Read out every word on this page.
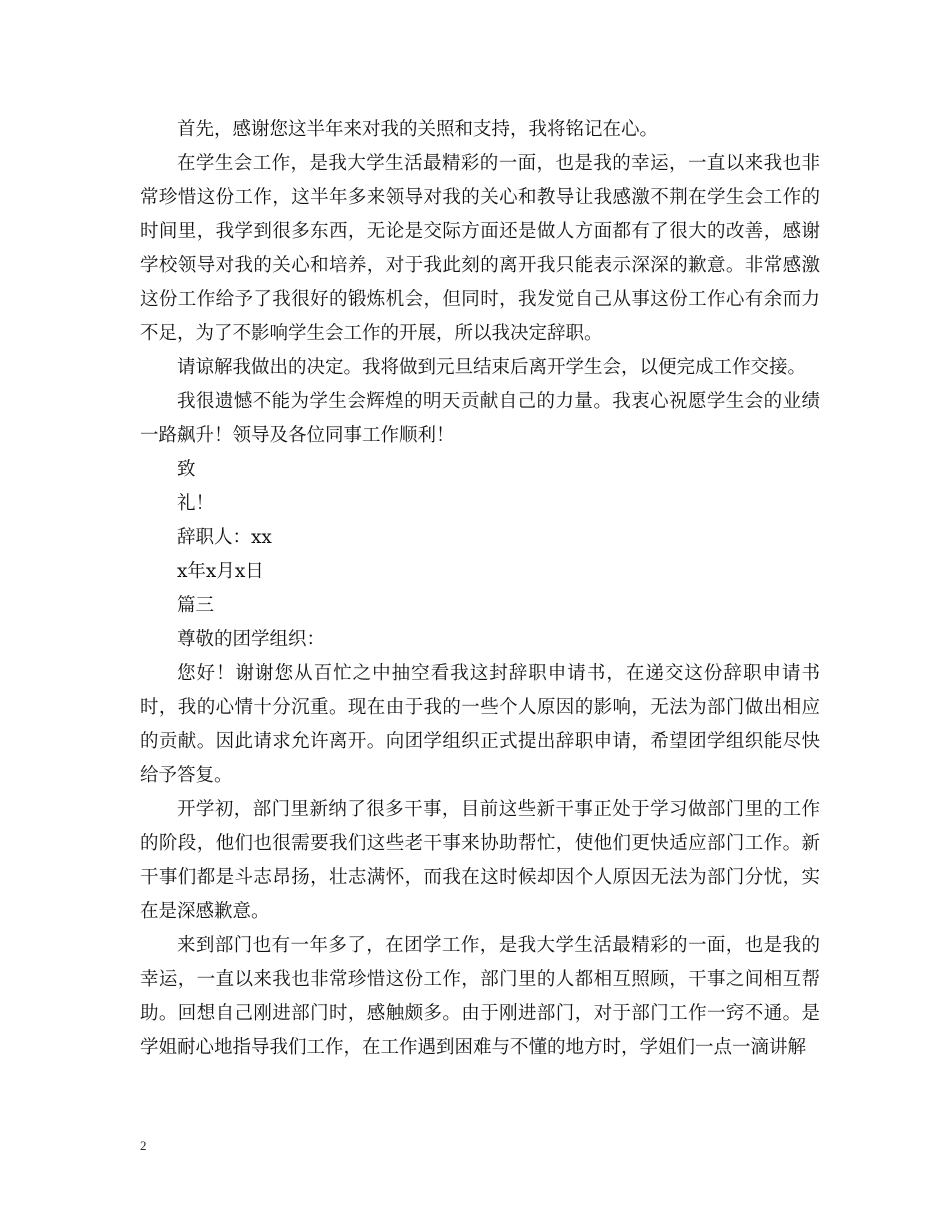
首先，感谢您这半年来对我的关照和支持，我将铭记在心。

在学生会工作，是我大学生活最精彩的一面，也是我的幸运，一直以来我也非常珍惜这份工作，这半年多来领导对我的关心和教导让我感激不荆在学生会工作的时间里，我学到很多东西，无论是交际方面还是做人方面都有了很大的改善，感谢学校领导对我的关心和培养，对于我此刻的离开我只能表示深深的歉意。非常感激这份工作给予了我很好的锻炼机会，但同时，我发觉自己从事这份工作心有余而力不足，为了不影响学生会工作的开展，所以我决定辞职。

请谅解我做出的决定。我将做到元旦结束后离开学生会，以便完成工作交接。

我很遗憾不能为学生会辉煌的明天贡献自己的力量。我衷心祝愿学生会的业绩一路飙升！领导及各位同事工作顺利！

致

礼！

辞职人：xx

x年x月x日

篇三

尊敬的团学组织：

您好！谢谢您从百忙之中抽空看我这封辞职申请书，在递交这份辞职申请书时，我的心情十分沉重。现在由于我的一些个人原因的影响，无法为部门做出相应的贡献。因此请求允许离开。向团学组织正式提出辞职申请，希望团学组织能尽快给予答复。

开学初，部门里新纳了很多干事，目前这些新干事正处于学习做部门里的工作的阶段，他们也很需要我们这些老干事来协助帮忙，使他们更快适应部门工作。新干事们都是斗志昂扬，壮志满怀，而我在这时候却因个人原因无法为部门分忧，实在是深感歉意。

来到部门也有一年多了，在团学工作，是我大学生活最精彩的一面，也是我的幸运，一直以来我也非常珍惜这份工作，部门里的人都相互照顾，干事之间相互帮助。回想自己刚进部门时，感触颇多。由于刚进部门，对于部门工作一窍不通。是学姐耐心地指导我们工作，在工作遇到困难与不懂的地方时，学姐们一点一滴讲解

2
